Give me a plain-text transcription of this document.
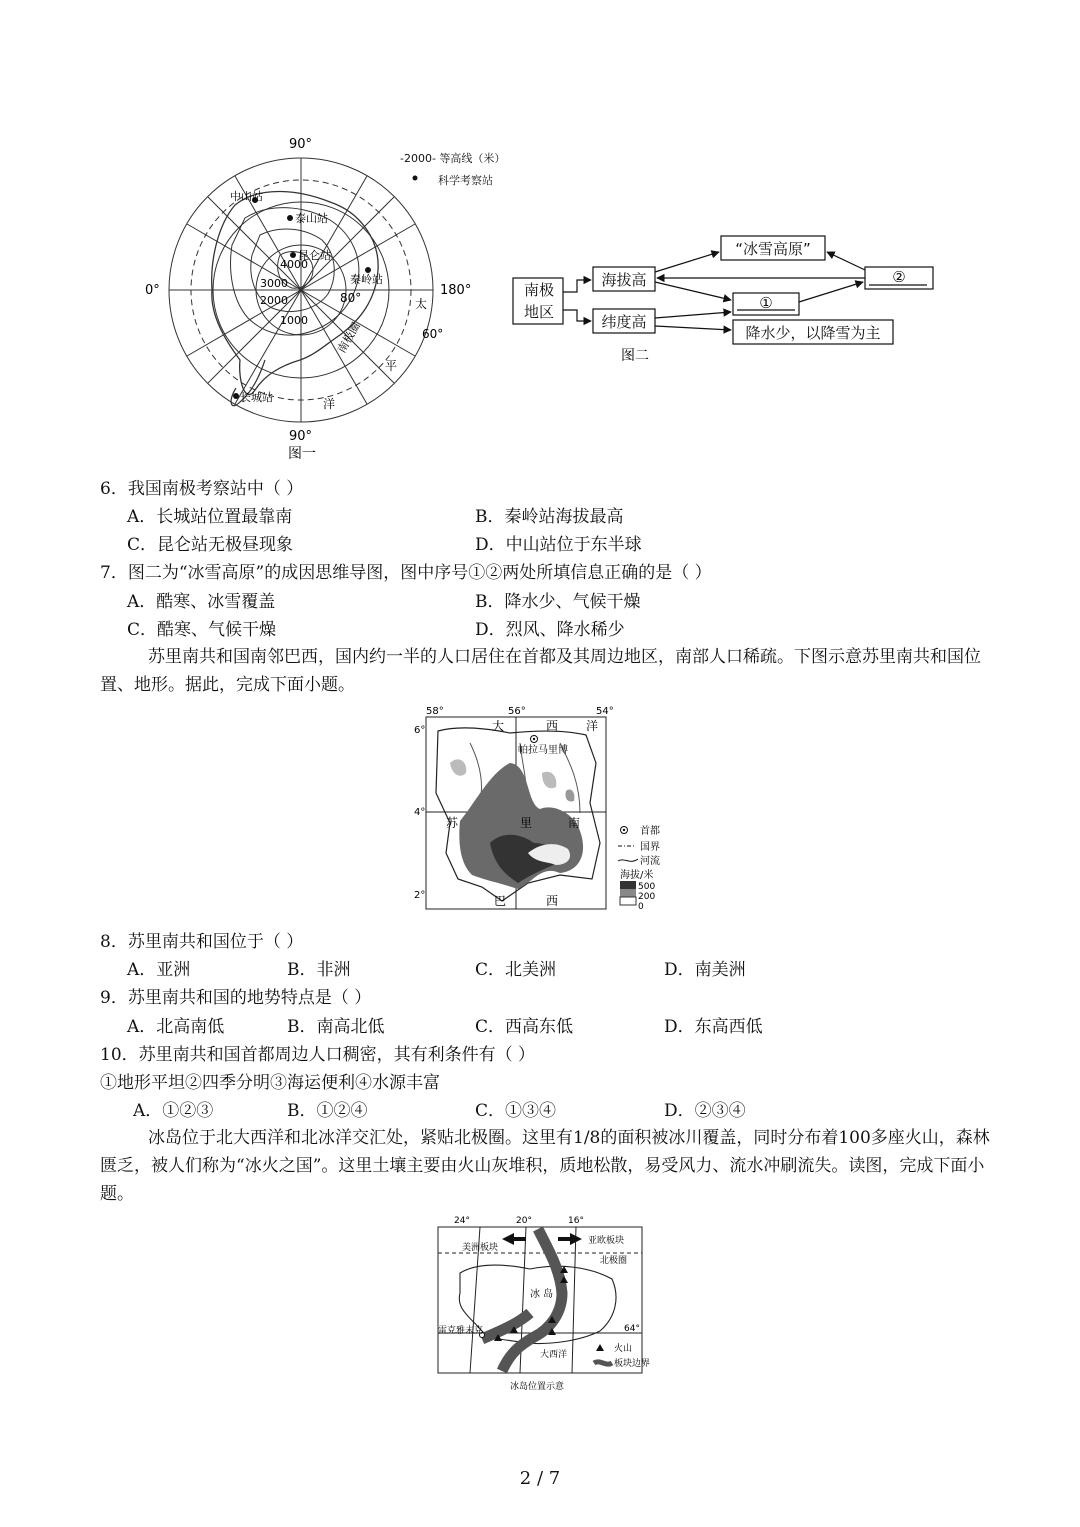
90°
90°
0°	180°
80°
60°
4000
3000
2000
1000
中山站
泰山站
昆仑站
秦岭站
长城站
太
平
洋
南极圈
图一
-2000- 等高线（米）
科学考察站
图二
南极
地区
海拔高
纬度高
“冰雪高原”
②
①
降水少，以降雪为主
6．我国南极考察站中（ ）
A．长城站位置最靠南	B．秦岭站海拔最高
C．昆仑站无极昼现象	D．中山站位于东半球
7．图二为“冰雪高原”的成因思维导图，图中序号①②两处所填信息正确的是（ ）
A．酷寒、冰雪覆盖	B．降水少、气候干燥
C．酷寒、气候干燥	D．烈风、降水稀少
苏里南共和国南邻巴西，国内约一半的人口居住在首都及其周边地区，南部人口稀疏。下图示意苏里南共和国位置、地形。据此，完成下面小题。
58°	56°	54°
6°
4°
2°
大	西 洋
帕拉马里博
苏	里	南
巴	西
首都
国界
河流
海拔/米
500
200
0
8．苏里南共和国位于（ ）
A．亚洲	B．非洲	C．北美洲	D．南美洲
9．苏里南共和国的地势特点是（ ）
A．北高南低	B．南高北低	C．西高东低	D．东高西低
10．苏里南共和国首都周边人口稠密，其有利条件有（ ）
①地形平坦②四季分明③海运便利④水源丰富
A．①②③	B．①②④	C．①③④	D．②③④
冰岛位于北大西洋和北冰洋交汇处，紧贴北极圈。这里有1/8的面积被冰川覆盖，同时分布着100多座火山，森林匮乏，被人们称为“冰火之国”。这里土壤主要由火山灰堆积，质地松散，易受风力、流水冲刷流失。读图，完成下面小题。
24°	20°	16°
64°
美洲板块
亚欧板块
北极圈
冰 岛
雷克雅未克
大西洋
火山
板块边界
冰岛位置示意
2 / 7
